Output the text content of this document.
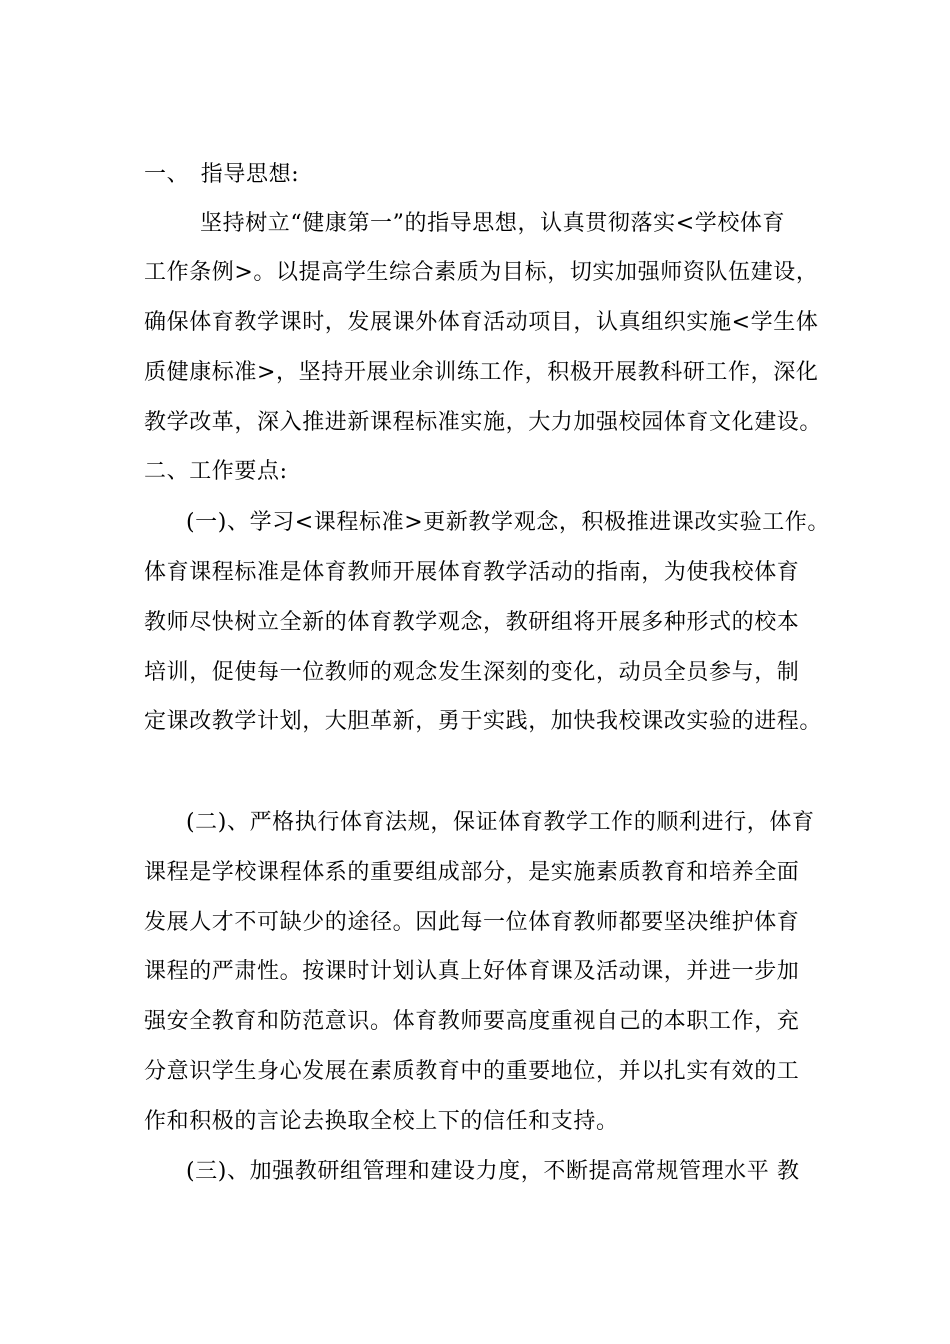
一、　指导思想:
坚持树立“健康第一”的指导思想，认真贯彻落实<学校体育
工作条例>。以提高学生综合素质为目标，切实加强师资队伍建设，
确保体育教学课时，发展课外体育活动项目，认真组织实施<学生体
质健康标准>，坚持开展业余训练工作，积极开展教科研工作，深化
教学改革，深入推进新课程标准实施，大力加强校园体育文化建设。
二、工作要点:
(一)、学习<课程标准>更新教学观念，积极推进课改实验工作。
体育课程标准是体育教师开展体育教学活动的指南，为使我校体育
教师尽快树立全新的体育教学观念，教研组将开展多种形式的校本
培训，促使每一位教师的观念发生深刻的变化，动员全员参与，制
定课改教学计划，大胆革新，勇于实践，加快我校课改实验的进程。
(二)、严格执行体育法规，保证体育教学工作的顺利进行，体育
课程是学校课程体系的重要组成部分，是实施素质教育和培养全面
发展人才不可缺少的途径。因此每一位体育教师都要坚决维护体育
课程的严肃性。按课时计划认真上好体育课及活动课，并进一步加
强安全教育和防范意识。体育教师要高度重视自己的本职工作，充
分意识学生身心发展在素质教育中的重要地位，并以扎实有效的工
作和积极的言论去换取全校上下的信任和支持。
(三)、加强教研组管理和建设力度，不断提高常规管理水平 教
